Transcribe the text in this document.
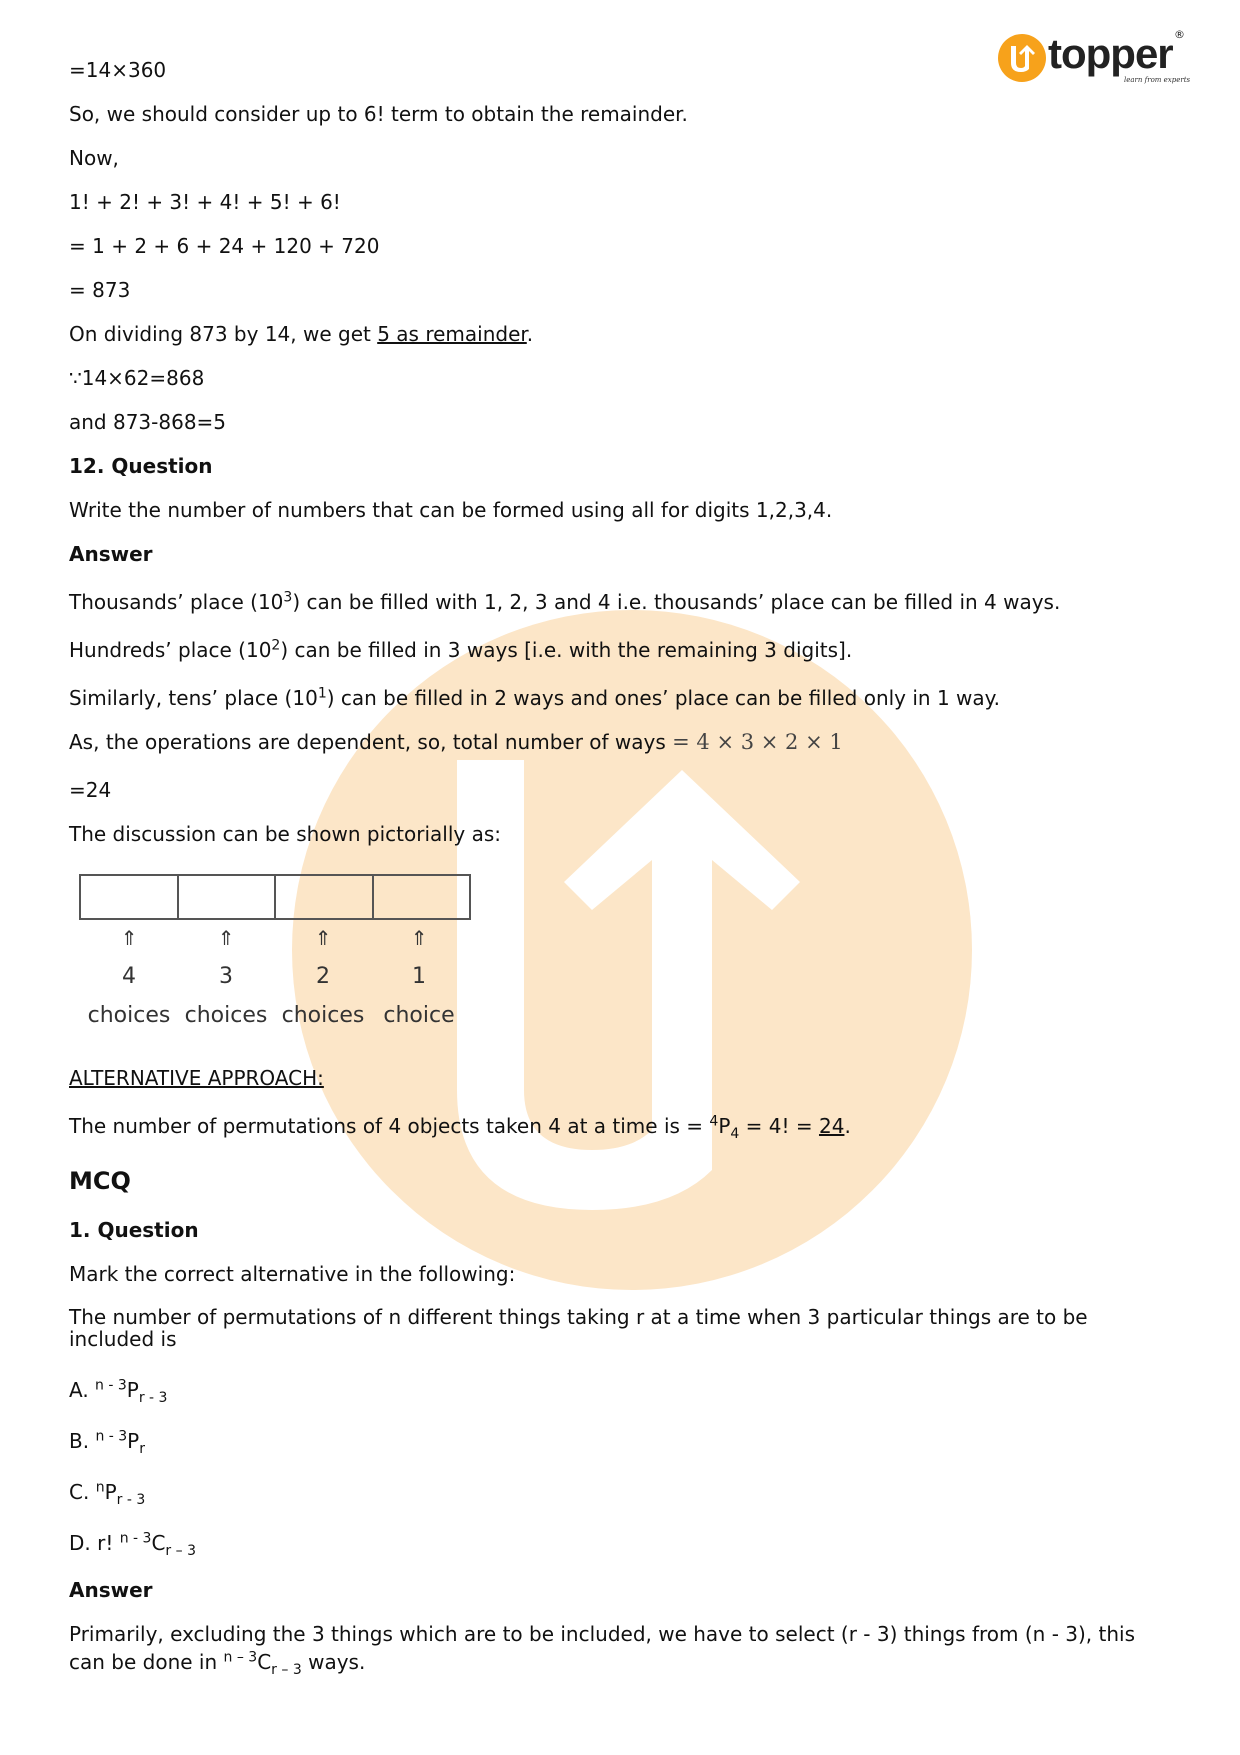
topper ®
learn from experts
=14×360
So, we should consider up to 6! term to obtain the remainder.
Now,
1! + 2! + 3! + 4! + 5! + 6!
= 1 + 2 + 6 + 24 + 120 + 720
= 873
On dividing 873 by 14, we get 5 as remainder.
∵14×62=868
and 873-868=5
12. Question
Write the number of numbers that can be formed using all for digits 1,2,3,4.
Answer
Thousands’ place $(10^3)$ can be filled with 1, 2, 3 and 4 i.e. thousands’ place can be filled in 4 ways.
Hundreds’ place $(10^2)$ can be filled in 3 ways [i.e. with the remaining 3 digits].
Similarly, tens’ place $(10^1)$ can be filled in 2 ways and ones’ place can be filled only in 1 way.
As, the operations are dependent, so, total number of ways = 4 × 3 × 2 × 1
=24
The discussion can be shown pictorially as:
⇑
4
choices
⇑
3
choices
⇑
2
choices
⇑
1
choice
ALTERNATIVE APPROACH:
The number of permutations of 4 objects taken 4 at a time is = $^4P_4 = 4$! = 24.
MCQ
1. Question
Mark the correct alternative in the following:
The number of permutations of n different things taking r at a time when 3 particular things are to be
included is
A. $^{n - 3}P_{r - 3}$
B. $^{n - 3}P_r$
C. $^nP_{r - 3}$
D. r! $^{n - 3}C_{r - 3}$
Answer
Primarily, excluding the 3 things which are to be included, we have to select (r - 3) things from (n - 3), this
can be done in $^{n - 3}C_{r - 3}$ ways.
